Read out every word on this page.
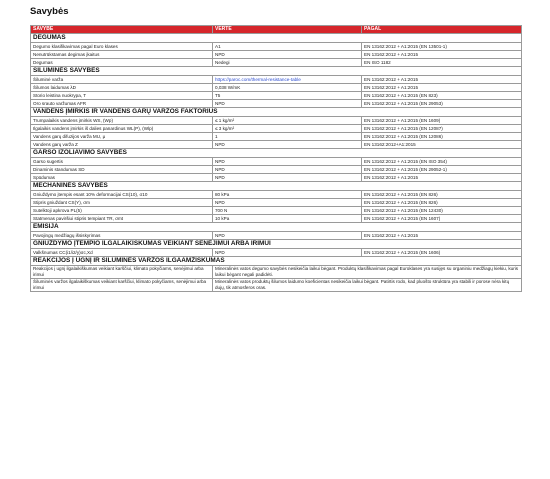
Savybės
SAVYBĖ	VERTĖ	PAGAL
DEGUMAS		
Degumo klasifikavimas pagal Euro klases	A1	EN 13162:2012 + A1:2015 (EN 13501-1)
Nenutrūkstamas degimas įkaitus	NPD	EN 13162:2012 + A1:2015
Degumas	Nedegi	EN ISO 1182
ŠILUMINĖS SAVYBĖS		
Šiluminė varža	https://paroc.com/thermal-resistance-table	EN 13162:2012 + A1:2015
Šilumos laidumas λD	0,038 W/mK	EN 13162:2012 + A1:2015
Storio leistina nuokrypa, T	T5	EN 13162:2012 + A1:2015 (EN 823)
Oro srauto varžumas AFR	NPD	EN 13162:2012 + A1:2015 (EN 29053)
VANDENS ĮMIRKIS IR VANDENS GARŲ VARŽOS FAKTORIUS		
Trumpalaikis vandens įmirkis WS, (Wp)	≤ 1 kg/m²	EN 13162:2012 + A1:2015 (EN 1609)
Ilgalaikis vandens įmirkis iš dalies panardinus WL(P), (Wlp)	≤ 3 kg/m²	EN 13162:2012 + A1:2015 (EN 12087)
Vandens garų difuzijos varža MU, μ	1	EN 13162:2012 + A1:2015 (EN 12086)
Vandens garų varža Z	NPD	EN 13162:2012+A1:2015
GARSO IZOLIAVIMO SAVYBĖS		
Garso sugertis	NPD	EN 13162:2012 + A1:2015 (EN ISO 354)
Dinaminis standumas SD	NPD	EN 13162:2012 + A1:2015 (EN 29052-1)
Spūdumas	NPD	EN 13162:2012 + A1:2015
MECHANINĖS SAVYBĖS		
Gniuždymo įtempis esant 10% deformacijai CS(10), σ10	80 kPa	EN 13162:2012 + A1:2015 (EN 826)
Stipris gniuždant CS(Y), σm	NPD	EN 13162:2012 + A1:2015 (EN 826)
Sutelktoji apkrova PL(5)	700 N	EN 13162:2012 + A1:2015 (EN 12430)
Statmenas paviršiui stipris tempiant TR, σmt	10 kPa	EN 13162:2012 + A1:2015 (EN 1607)
EMISIJA		
Pavojingų medžiagų išsiskyrimas	NPD	EN 13162:2012 + A1:2015
GNIUŽDYMO ĮTEMPIO ILGALAIKIŠKUMAS VEIKIANT SENĖJIMUI ARBA IRIMUI		
Valkšnumas CC(i1/i2/y)σc,Xd	NPD	EN 13162:2012 + A1:2015 (EN 1606)
REAKCIJOS Į UGNĮ IR ŠILUMINĖS VARŽOS ILGAAMŽIŠKUMAS		
Reakcijos į ugnį ilgalaikiškumas veikiant karščiui, klimato pokyčiams, senėjimui arba irimui	Mineralinės vatos degumo savybės nesikeičia laikui bėgant. Produktų klasifikavimas pagal Euroklases yra susijęs su organiniu medžiagų kiekiu, kuris laikui bėgant negali padidėti.	
Šiluminės varžos ilgalaikiškumas veikiant karščiui, klimato pokyčiams, senėjimui arba irimui	Mineralinės vatos produktų šilumos laidumo koeficientas nesikeičia laikui bėgant. Patirtis rodo, kad pluošto struktūra yra stabili ir porose nėra kitų dujų, tik atmosferos oras.	
